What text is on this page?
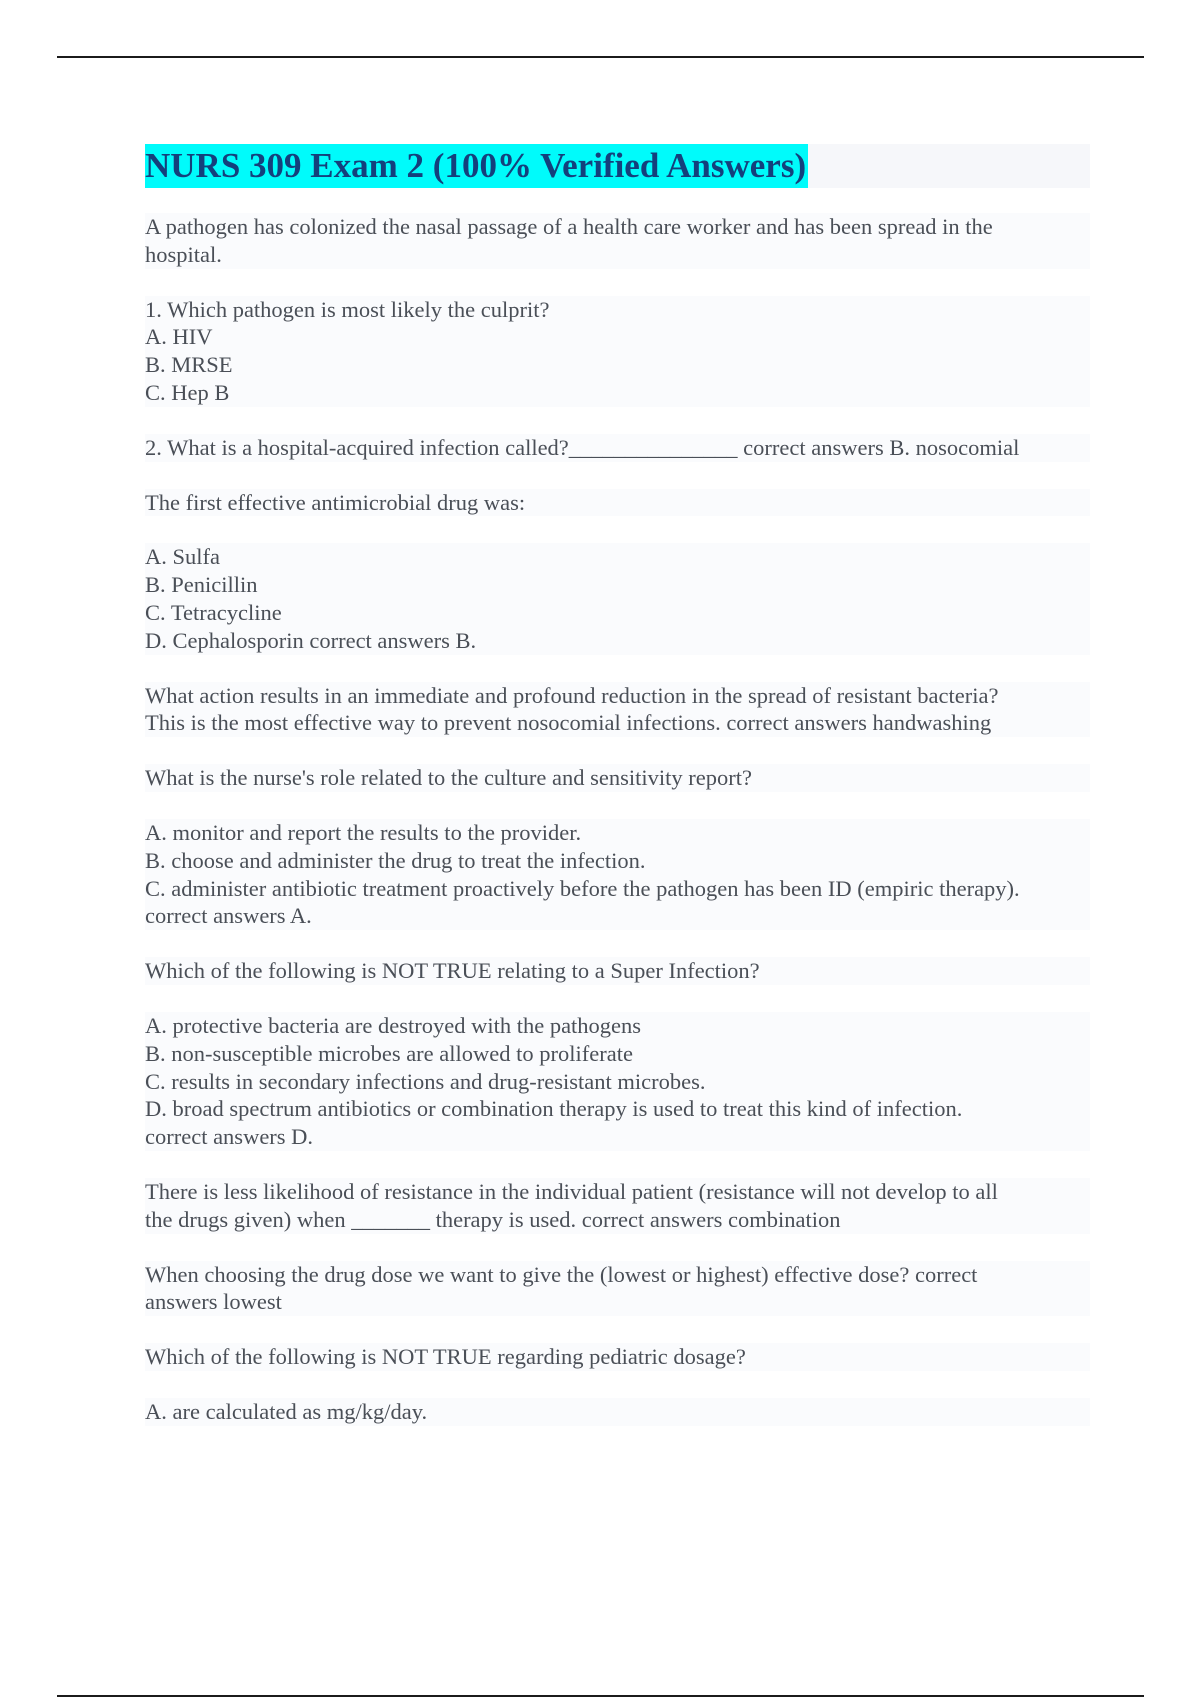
NURS 309 Exam 2 (100% Verified Answers)
A pathogen has colonized the nasal passage of a health care worker and has been spread in the
hospital.
1. Which pathogen is most likely the culprit?
A. HIV
B. MRSE
C. Hep B
2. What is a hospital-acquired infection called?_______________ correct answers B. nosocomial
The first effective antimicrobial drug was:
A. Sulfa
B. Penicillin
C. Tetracycline
D. Cephalosporin correct answers B.
What action results in an immediate and profound reduction in the spread of resistant bacteria?
This is the most effective way to prevent nosocomial infections. correct answers handwashing
What is the nurse's role related to the culture and sensitivity report?
A. monitor and report the results to the provider.
B. choose and administer the drug to treat the infection.
C. administer antibiotic treatment proactively before the pathogen has been ID (empiric therapy).
correct answers A.
Which of the following is NOT TRUE relating to a Super Infection?
A. protective bacteria are destroyed with the pathogens
B. non-susceptible microbes are allowed to proliferate
C. results in secondary infections and drug-resistant microbes.
D. broad spectrum antibiotics or combination therapy is used to treat this kind of infection.
correct answers D.
There is less likelihood of resistance in the individual patient (resistance will not develop to all
the drugs given) when _______ therapy is used. correct answers combination
When choosing the drug dose we want to give the (lowest or highest) effective dose? correct
answers lowest
Which of the following is NOT TRUE regarding pediatric dosage?
A. are calculated as mg/kg/day.
